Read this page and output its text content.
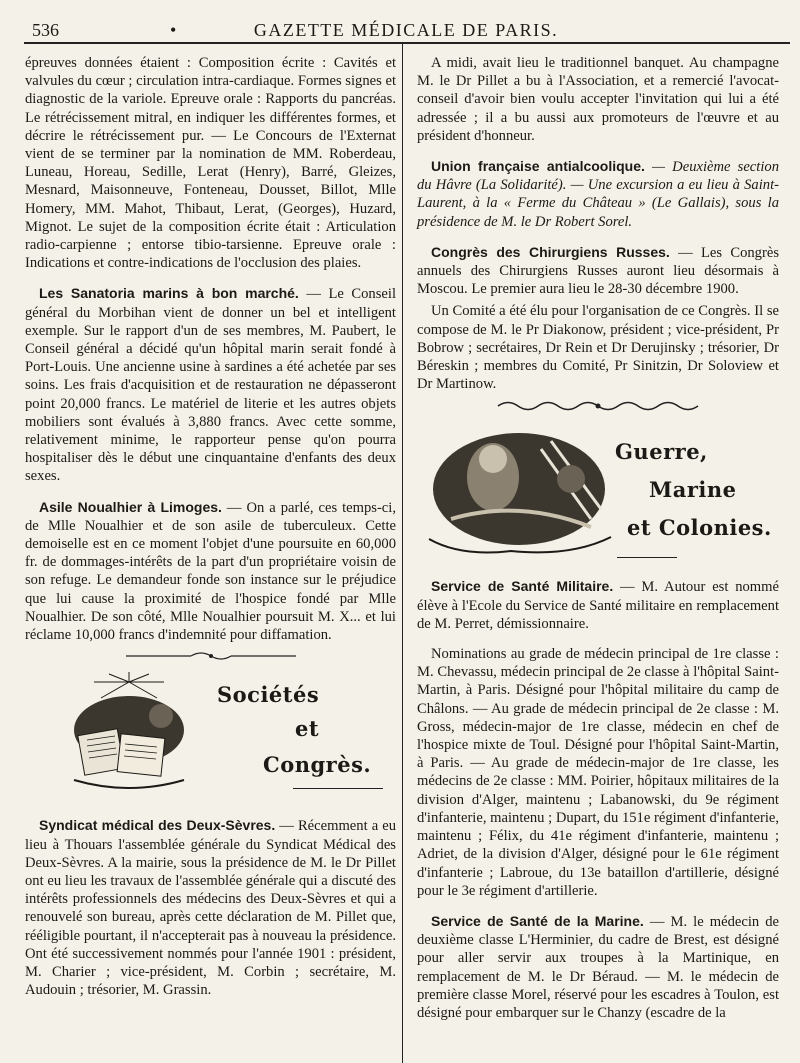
536	•	GAZETTE MÉDICALE DE PARIS.

épreuves données étaient : Composition écrite : Cavités et valvules du cœur ; circulation intra-cardiaque. Formes signes et diagnostic de la variole. Epreuve orale : Rapports du pancréas. Le rétrécissement mitral, en indiquer les différentes formes, et décrire le rétrécissement pur. — Le Concours de l'Externat vient de se terminer par la nomination de MM. Roberdeau, Luneau, Horeau, Sedille, Lerat (Henry), Barré, Gleizes, Mesnard, Maisonneuve, Fonteneau, Dousset, Billot, Mlle Homery, MM. Mahot, Thibaut, Lerat, (Georges), Huzard, Mignot. Le sujet de la composition écrite était : Articulation radio-carpienne ; entorse tibio-tarsienne. Epreuve orale : Indications et contre-indications de l'occlusion des plaies.

Les Sanatoria marins à bon marché. — Le Conseil général du Morbihan vient de donner un bel et intelligent exemple. Sur le rapport d'un de ses membres, M. Paubert, le Conseil général a décidé qu'un hôpital marin serait fondé à Port-Louis. Une ancienne usine à sardines a été achetée par ses soins. Les frais d'acquisition et de restauration ne dépasseront point 20,000 francs. Le matériel de literie et les autres objets mobiliers sont évalués à 3,880 francs. Avec cette somme, relativement minime, le rapporteur pense qu'on pourra hospitaliser dès le début une cinquantaine d'enfants des deux sexes.

Asile Noualhier à Limoges. — On a parlé, ces temps-ci, de Mlle Noualhier et de son asile de tuberculeux. Cette demoiselle est en ce moment l'objet d'une poursuite en 60,000 fr. de dommages-intérêts de la part d'un propriétaire voisin de son refuge. Le demandeur fonde son instance sur le préjudice que lui cause la proximité de l'hospice fondé par Mlle Noualhier. De son côté, Mlle Noualhier poursuit M. X... et lui réclame 10,000 francs d'indemnité pour diffamation.

Sociétés
et
Congrès.

Syndicat médical des Deux-Sèvres. — Récemment a eu lieu à Thouars l'assemblée générale du Syndicat Médical des Deux-Sèvres. A la mairie, sous la présidence de M. le Dr Pillet ont eu lieu les travaux de l'assemblée générale qui a discuté des intérêts professionnels des médecins des Deux-Sèvres et qui a renouvelé son bureau, après cette déclaration de M. Pillet que, rééligible pourtant, il n'accepterait pas à nouveau la présidence. Ont été successivement nommés pour l'année 1901 : président, M. Charier ; vice-président, M. Corbin ; secrétaire, M. Audouin ; trésorier, M. Grassin.

A midi, avait lieu le traditionnel banquet. Au champagne M. le Dr Pillet a bu à l'Association, et a remercié l'avocat-conseil d'avoir bien voulu accepter l'invitation qui lui a été adressée ; il a bu aussi aux promoteurs de l'œuvre et au président d'honneur.

Union française antialcoolique. — Deuxième section du Hâvre (La Solidarité). — Une excursion a eu lieu à Saint-Laurent, à la « Ferme du Château » (Le Gallais), sous la présidence de M. le Dr Robert Sorel.

Congrès des Chirurgiens Russes. — Les Congrès annuels des Chirurgiens Russes auront lieu désormais à Moscou. Le premier aura lieu le 28-30 décembre 1900.

Un Comité a été élu pour l'organisation de ce Congrès. Il se compose de M. le Pr Diakonow, président ; vice-président, Pr Bobrow ; secrétaires, Dr Rein et Dr Derujinsky ; trésorier, Dr Béreskin ; membres du Comité, Pr Sinitzin, Dr Soloview et Dr Martinow.

Guerre,
Marine
et Colonies.

Service de Santé Militaire. — M. Autour est nommé élève à l'Ecole du Service de Santé militaire en remplacement de M. Perret, démissionnaire.

Nominations au grade de médecin principal de 1re classe : M. Chevassu, médecin principal de 2e classe à l'hôpital Saint-Martin, à Paris. Désigné pour l'hôpital militaire du camp de Châlons. — Au grade de médecin principal de 2e classe : M. Gross, médecin-major de 1re classe, médecin en chef de l'hospice mixte de Toul. Désigné pour l'hôpital Saint-Martin, à Paris. — Au grade de médecin-major de 1re classe, les médecins de 2e classe : MM. Poirier, hôpitaux militaires de la division d'Alger, maintenu ; Labanowski, du 9e régiment d'infanterie, maintenu ; Dupart, du 151e régiment d'infanterie, maintenu ; Félix, du 41e régiment d'infanterie, maintenu ; Adriet, de la division d'Alger, désigné pour le 61e régiment d'infanterie ; Labroue, du 13e bataillon d'artillerie, désigné pour le 3e régiment d'artillerie.

Service de Santé de la Marine. — M. le médecin de deuxième classe L'Herminier, du cadre de Brest, est désigné pour aller servir aux troupes à la Martinique, en remplacement de M. le Dr Béraud. — M. le médecin de première classe Morel, réservé pour les escadres à Toulon, est désigné pour embarquer sur le Chanzy (escadre de la
